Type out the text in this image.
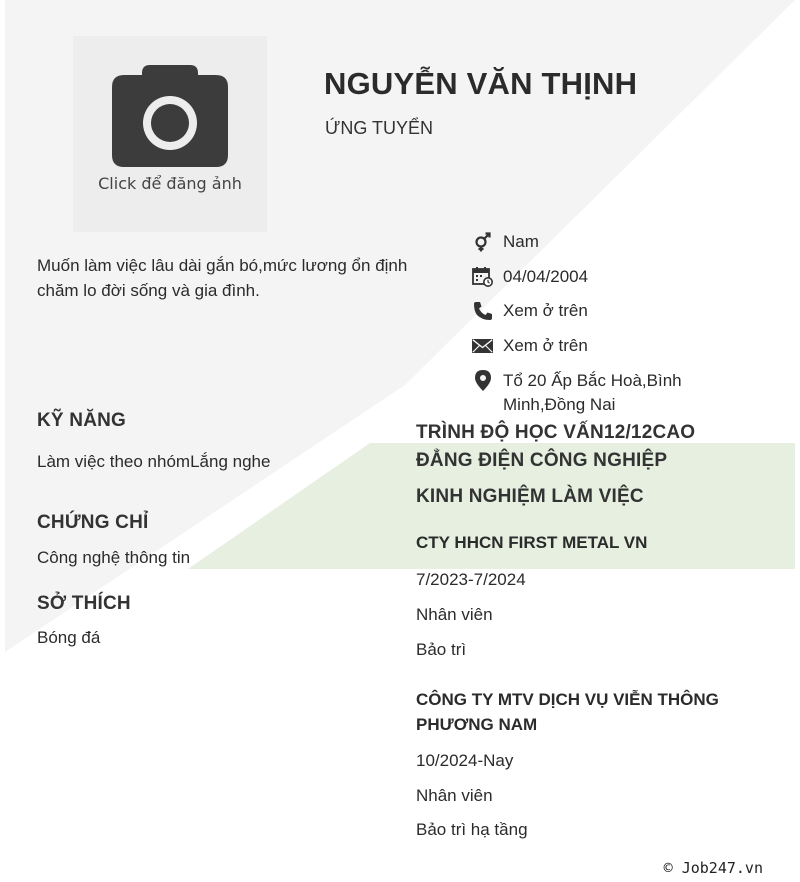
Click để đăng ảnh
NGUYỄN VĂN THỊNH
ỨNG TUYỂN
Muốn làm việc lâu dài gắn bó,mức lương ổn định chăm lo đời sống và gia đình.
Nam
04/04/2004
Xem ở trên
Xem ở trên
Tổ 20 Ấp Bắc Hoà,Bình Minh,Đồng Nai
KỸ NĂNG
Làm việc theo nhómLắng nghe
CHỨNG CHỈ
Công nghệ thông tin
SỞ THÍCH
Bóng đá
TRÌNH ĐỘ HỌC VẤN12/12CAO ĐẲNG ĐIỆN CÔNG NGHIỆP
KINH NGHIỆM LÀM VIỆC
CTY HHCN FIRST METAL VN
7/2023-7/2024
Nhân viên
Bảo trì
CÔNG TY MTV DỊCH VỤ VIỄN THÔNG PHƯƠNG NAM
10/2024-Nay
Nhân viên
Bảo trì hạ tầng
© Job247.vn
